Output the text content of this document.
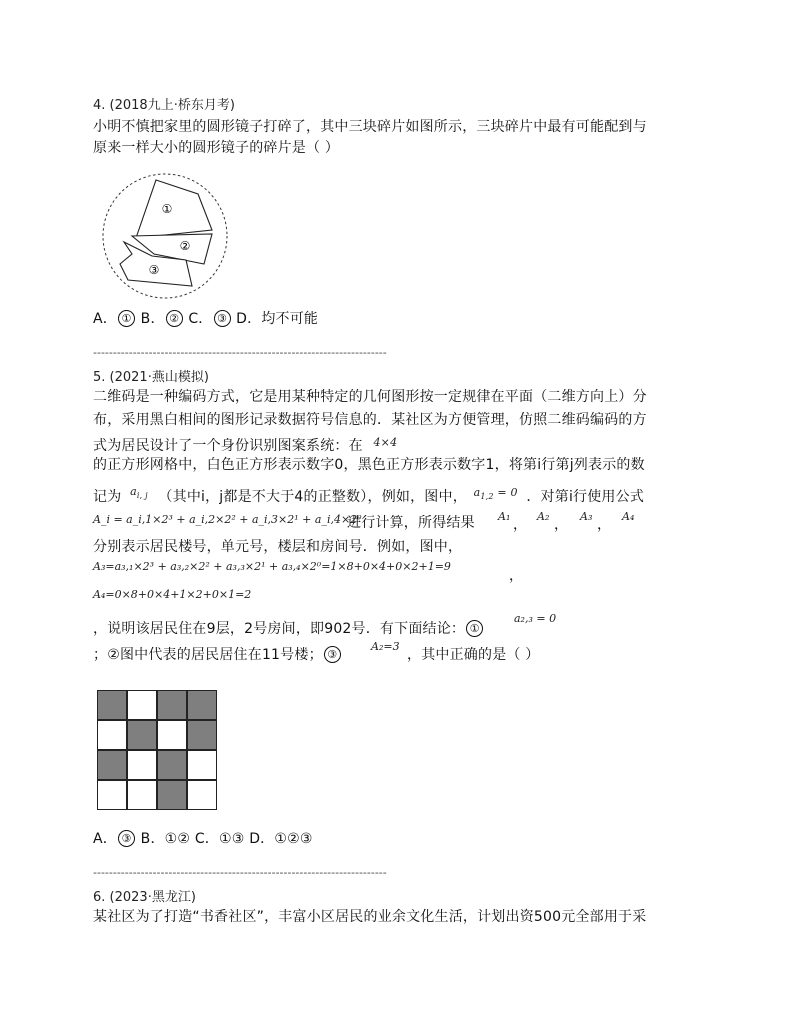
4. (2018九上·桥东月考)
小明不慎把家里的圆形镜子打碎了，其中三块碎片如图所示，三块碎片中最有可能配到与
原来一样大小的圆形镜子的碎片是（ ）
①
②
③
A． ① B． ② C． ③ D．均不可能
--------------------------------------------------------------------------
5. (2021·燕山模拟)
二维码是一种编码方式，它是用某种特定的几何图形按一定规律在平面（二维方向上）分
布，采用黑白相间的图形记录数据符号信息的．某社区为方便管理，仿照二维码编码的方
式为居民设计了一个身份识别图案系统：在 $^{4\times 4}$
的正方形网格中，白色正方形表示数字0，黑色正方形表示数字1，将第i行第j列表示的数
记为 $^{a_{i, j}}$ （其中i，j都是不大于4的正整数），例如，图中， $^{a_{1,2} = 0}$ ．对第i行使用公式
A_i = a_i,1×2³ + a_i,2×2² + a_i,3×2¹ + a_i,4×2⁰
进行计算，所得结果 A₁
，
A₂
，
A₃
，
A₄
分别表示居民楼号，单元号，楼层和房间号．例如，图中，
A₃=a₃,₁×2³ + a₃,₂×2² + a₃,₃×2¹ + a₃,₄×2⁰=1×8+0×4+0×2+1=9
，
A₄=0×8+0×4+1×2+0×1=2
，说明该居民住在9层，2号房间，即902号．有下面结论： ①
a₂,₃ = 0
；②图中代表的居民居住在11号楼； ③
A₂=3
，其中正确的是（ ）
A． ③ B．①② C．①③ D．①②③
--------------------------------------------------------------------------
6. (2023·黑龙江)
某社区为了打造“书香社区”，丰富小区居民的业余文化生活，计划出资500元全部用于采
